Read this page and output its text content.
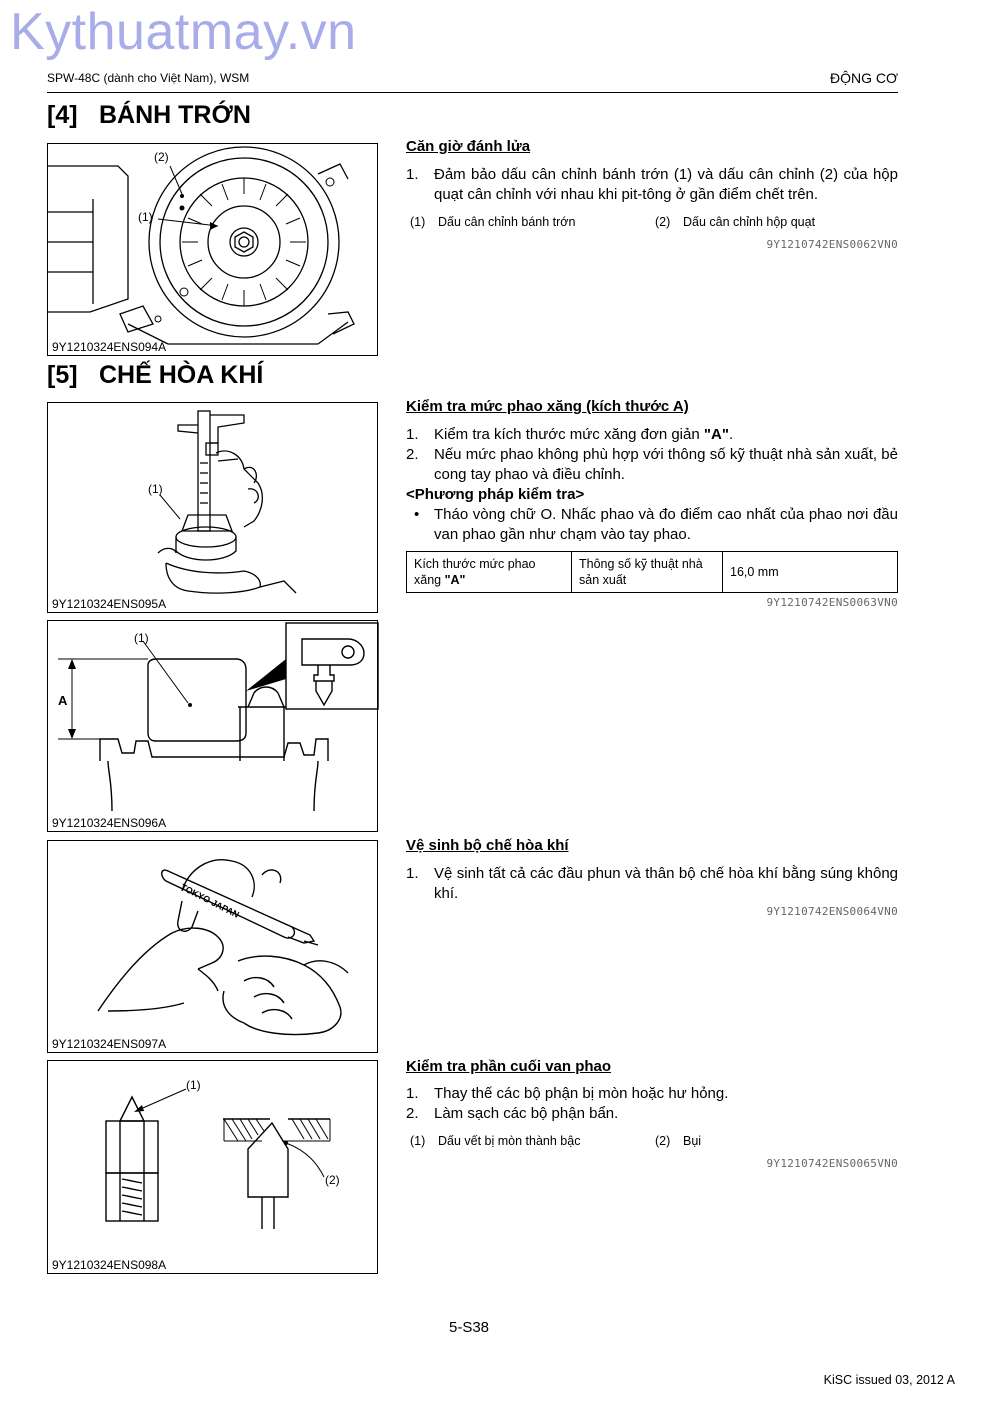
Kythuatmay.vn
SPW-48C (dành cho Việt Nam), WSM	ĐỘNG CƠ
[4] BÁNH TRỚN
(2)
(1)
9Y1210324ENS094A
Căn giờ đánh lửa
1. Đảm bảo dấu cân chỉnh bánh trớn (1) và dấu cân chỉnh (2) của hộp quạt cân chỉnh với nhau khi pit-tông ở gần điểm chết trên.
(1) Dấu cân chỉnh bánh trớn	(2) Dấu cân chỉnh hộp quạt
9Y1210742ENS0062VN0
[5] CHẾ HÒA KHÍ
(1)
9Y1210324ENS095A
Kiểm tra mức phao xăng (kích thước A)
1. Kiểm tra kích thước mức xăng đơn giản "A".
2. Nếu mức phao không phù hợp với thông số kỹ thuật nhà sản xuất, bẻ cong tay phao và điều chỉnh.
<Phương pháp kiểm tra>
• Tháo vòng chữ O. Nhấc phao và đo điểm cao nhất của phao nơi đầu van phao gần như chạm vào tay phao.
Kích thước mức phao xăng "A"	Thông số kỹ thuật nhà sản xuất	16,0 mm
9Y1210742ENS0063VN0
(1)
A
9Y1210324ENS096A
TOKYO JAPAN
9Y1210324ENS097A
Vệ sinh bộ chế hòa khí
1. Vệ sinh tất cả các đầu phun và thân bộ chế hòa khí bằng súng không khí.
9Y1210742ENS0064VN0
(1)
(2)
9Y1210324ENS098A
Kiểm tra phần cuối van phao
1. Thay thế các bộ phận bị mòn hoặc hư hỏng.
2. Làm sạch các bộ phận bẩn.
(1) Dấu vết bị mòn thành bậc	(2) Bụi
9Y1210742ENS0065VN0
5-S38
KiSC issued 03, 2012 A
